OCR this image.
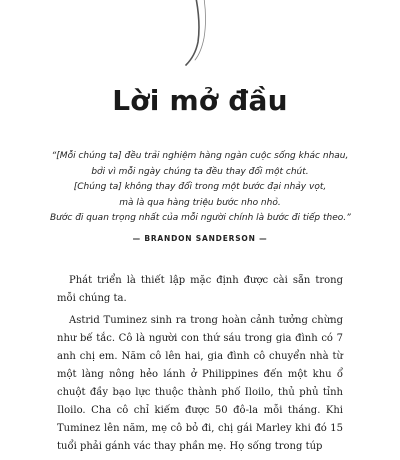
Lời mở đầu
“[Mỗi chúng ta] đều trải nghiệm hàng ngàn cuộc sống khác nhau,
bởi vì mỗi ngày chúng ta đều thay đổi một chút.
[Chúng ta] không thay đổi trong một bước đại nhảy vọt,
mà là qua hàng triệu bước nho nhỏ.
Bước đi quan trọng nhất của mỗi người chính là bước đi tiếp theo.”
— BRANDON SANDERSON —

Phát triển là thiết lập mặc định được cài sẵn trong mỗi chúng ta.

Astrid Tuminez sinh ra trong hoàn cảnh tưởng chừng như bế tắc. Cô là người con thứ sáu trong gia đình có 7 anh chị em. Năm cô lên hai, gia đình cô chuyển nhà từ một làng nông hẻo lánh ở Philippines đến một khu ổ chuột đầy bạo lực thuộc thành phố Iloilo, thủ phủ tỉnh Iloilo. Cha cô chỉ kiếm được 50 đô-la mỗi tháng. Khi Tuminez lên năm, mẹ cô bỏ đi, chị gái Marley khi đó 15 tuổi phải gánh vác thay phần mẹ. Họ sống trong túp
